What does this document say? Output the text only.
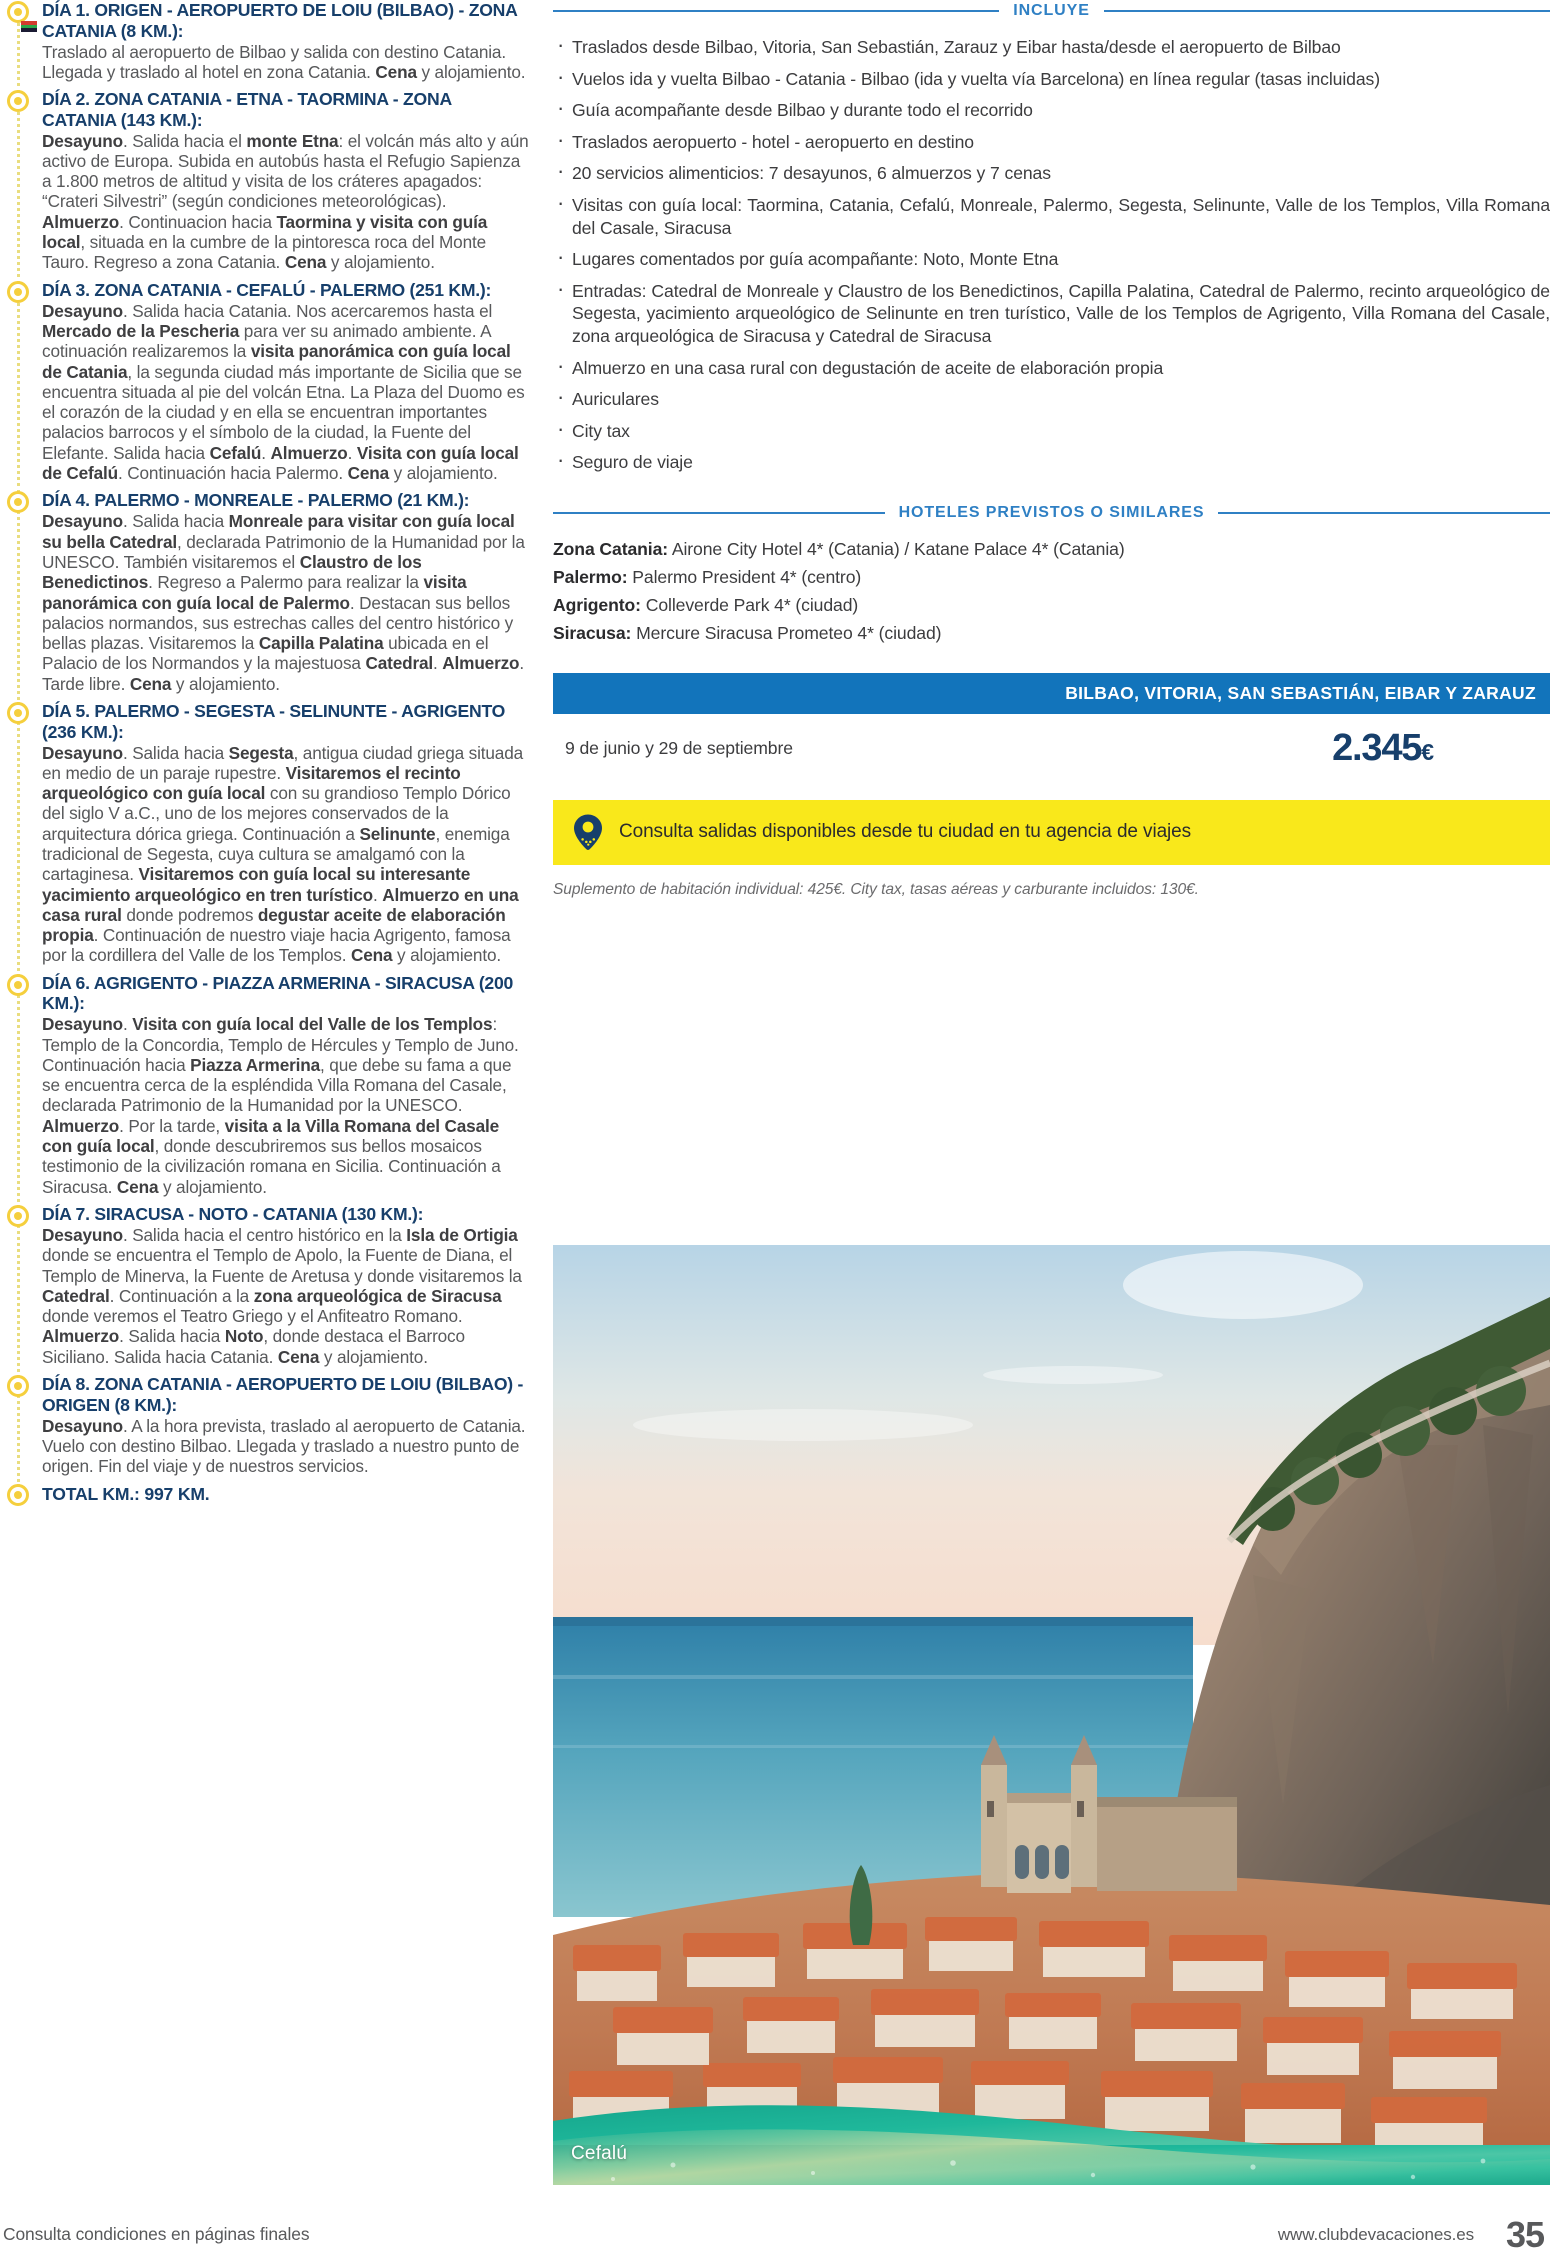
DÍA 1. ORIGEN - AEROPUERTO DE LOIU (BILBAO) - ZONA CATANIA (8 KM.):
Traslado al aeropuerto de Bilbao y salida con destino Catania. Llegada y traslado al hotel en zona Catania. Cena y alojamiento.
DÍA 2. ZONA CATANIA - ETNA - TAORMINA - ZONA CATANIA (143 KM.):
Desayuno. Salida hacia el monte Etna: el volcán más alto y aún activo de Europa. Subida en autobús hasta el Refugio Sapienza a 1.800 metros de altitud y visita de los cráteres apagados: “Crateri Silvestri” (según condiciones meteorológicas). Almuerzo. Continuacion hacia Taormina y visita con guía local, situada en la cumbre de la pintoresca roca del Monte Tauro. Regreso a zona Catania. Cena y alojamiento.
DÍA 3. ZONA CATANIA - CEFALÚ - PALERMO (251 KM.):
Desayuno. Salida hacia Catania. Nos acercaremos hasta el Mercado de la Pescheria para ver su animado ambiente. A cotinuación realizaremos la visita panorámica con guía local de Catania, la segunda ciudad más importante de Sicilia que se encuentra situada al pie del volcán Etna. La Plaza del Duomo es el corazón de la ciudad y en ella se encuentran importantes palacios barrocos y el símbolo de la ciudad, la Fuente del Elefante. Salida hacia Cefalú. Almuerzo. Visita con guía local de Cefalú. Continuación hacia Palermo. Cena y alojamiento.
DÍA 4. PALERMO - MONREALE - PALERMO (21 KM.):
Desayuno. Salida hacia Monreale para visitar con guía local su bella Catedral, declarada Patrimonio de la Humanidad por la UNESCO. También visitaremos el Claustro de los Benedictinos. Regreso a Palermo para realizar la visita panorámica con guía local de Palermo. Destacan sus bellos palacios normandos, sus estrechas calles del centro histórico y bellas plazas. Visitaremos la Capilla Palatina ubicada en el Palacio de los Normandos y la majestuosa Catedral. Almuerzo. Tarde libre. Cena y alojamiento.
DÍA 5. PALERMO - SEGESTA - SELINUNTE - AGRIGENTO (236 KM.):
Desayuno. Salida hacia Segesta, antigua ciudad griega situada en medio de un paraje rupestre. Visitaremos el recinto arqueológico con guía local con su grandioso Templo Dórico del siglo V a.C., uno de los mejores conservados de la arquitectura dórica griega. Continuación a Selinunte, enemiga tradicional de Segesta, cuya cultura se amalgamó con la cartaginesa. Visitaremos con guía local su interesante yacimiento arqueológico en tren turístico. Almuerzo en una casa rural donde podremos degustar aceite de elaboración propia. Continuación de nuestro viaje hacia Agrigento, famosa por la cordillera del Valle de los Templos. Cena y alojamiento.
DÍA 6. AGRIGENTO - PIAZZA ARMERINA - SIRACUSA (200 KM.):
Desayuno. Visita con guía local del Valle de los Templos: Templo de la Concordia, Templo de Hércules y Templo de Juno. Continuación hacia Piazza Armerina, que debe su fama a que se encuentra cerca de la espléndida Villa Romana del Casale, declarada Patrimonio de la Humanidad por la UNESCO. Almuerzo. Por la tarde, visita a la Villa Romana del Casale con guía local, donde descubriremos sus bellos mosaicos testimonio de la civilización romana en Sicilia. Continuación a Siracusa. Cena y alojamiento.
DÍA 7. SIRACUSA - NOTO - CATANIA (130 KM.):
Desayuno. Salida hacia el centro histórico en la Isla de Ortigia donde se encuentra el Templo de Apolo, la Fuente de Diana, el Templo de Minerva, la Fuente de Aretusa y donde visitaremos la Catedral. Continuación a la zona arqueológica de Siracusa donde veremos el Teatro Griego y el Anfiteatro Romano. Almuerzo. Salida hacia Noto, donde destaca el Barroco Siciliano. Salida hacia Catania. Cena y alojamiento.
DÍA 8. ZONA CATANIA - AEROPUERTO DE LOIU (BILBAO) - ORIGEN (8 KM.):
Desayuno. A la hora prevista, traslado al aeropuerto de Catania. Vuelo con destino Bilbao. Llegada y traslado a nuestro punto de origen. Fin del viaje y de nuestros servicios.
TOTAL KM.: 997 KM.
INCLUYE
· Traslados desde Bilbao, Vitoria, San Sebastián, Zarauz y Eibar hasta/desde el aeropuerto de Bilbao
· Vuelos ida y vuelta Bilbao - Catania - Bilbao (ida y vuelta vía Barcelona) en línea regular (tasas incluidas)
· Guía acompañante desde Bilbao y durante todo el recorrido
· Traslados aeropuerto - hotel - aeropuerto en destino
· 20 servicios alimenticios: 7 desayunos, 6 almuerzos y 7 cenas
· Visitas con guía local: Taormina, Catania, Cefalú, Monreale, Palermo, Segesta, Selinunte, Valle de los Templos, Villa Romana del Casale, Siracusa
· Lugares comentados por guía acompañante: Noto, Monte Etna
· Entradas: Catedral de Monreale y Claustro de los Benedictinos, Capilla Palatina, Catedral de Palermo, recinto arqueológico de Segesta, yacimiento arqueológico de Selinunte en tren turístico, Valle de los Templos de Agrigento, Villa Romana del Casale, zona arqueológica de Siracusa y Catedral de Siracusa
· Almuerzo en una casa rural con degustación de aceite de elaboración propia
· Auriculares
· City tax
· Seguro de viaje
HOTELES PREVISTOS O SIMILARES
Zona Catania: Airone City Hotel 4* (Catania) / Katane Palace 4* (Catania)
Palermo: Palermo President 4* (centro)
Agrigento: Colleverde Park 4* (ciudad)
Siracusa: Mercure Siracusa Prometeo 4* (ciudad)
BILBAO, VITORIA, SAN SEBASTIÁN, EIBAR Y ZARAUZ
9 de junio y 29 de septiembre	2.345€
Consulta salidas disponibles desde tu ciudad en tu agencia de viajes
Suplemento de habitación individual: 425€. City tax, tasas aéreas y carburante incluidos: 130€.
Cefalú
Consulta condiciones en páginas finales	www.clubdevacaciones.es 35
